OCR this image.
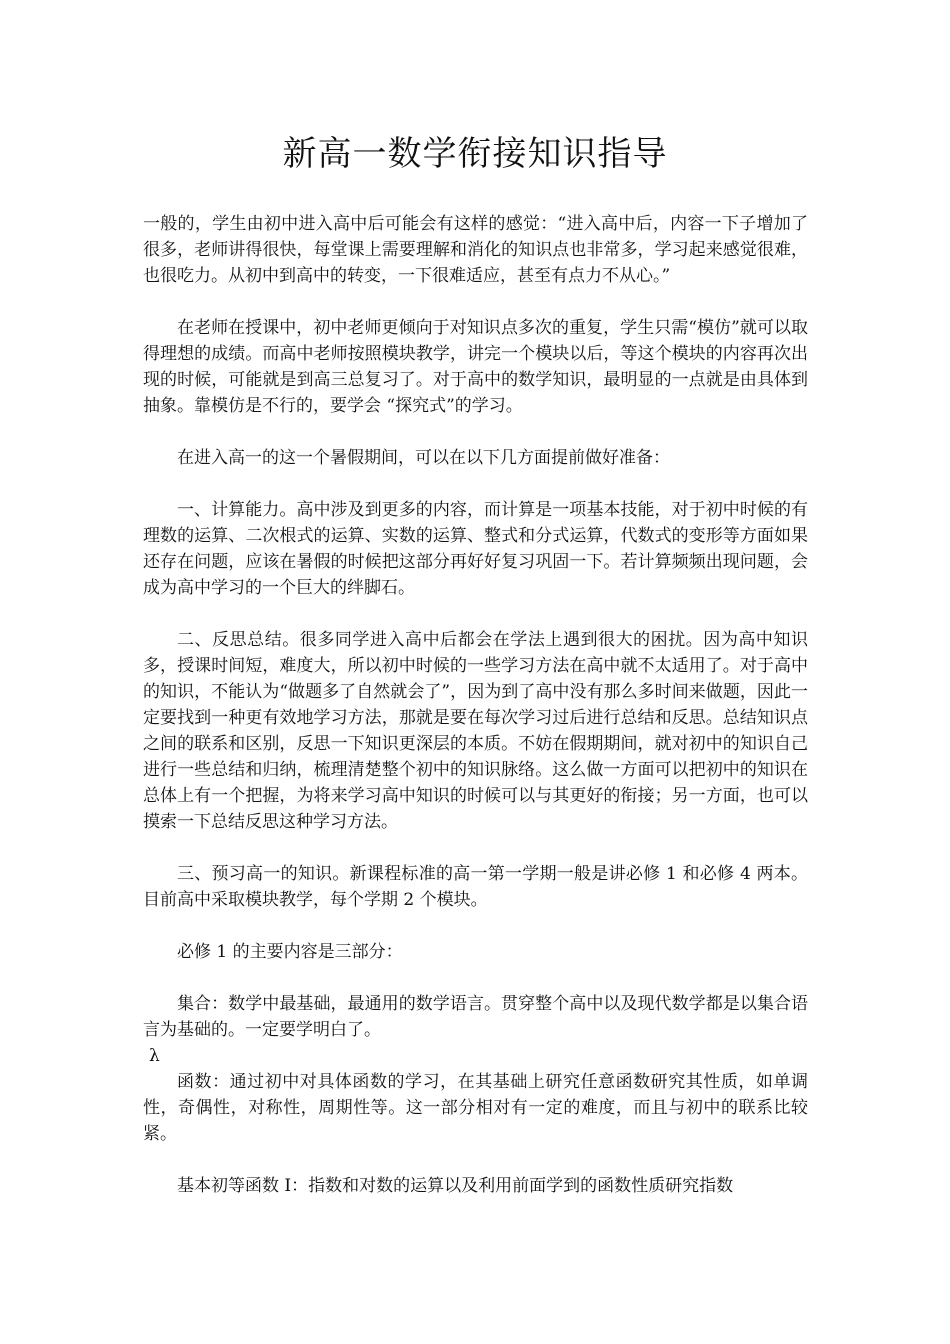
新高一数学衔接知识指导

一般的，学生由初中进入高中后可能会有这样的感觉：“进入高中后，内容一下子增加了很多，老师讲得很快，每堂课上需要理解和消化的知识点也非常多，学习起来感觉很难，也很吃力。从初中到高中的转变，一下很难适应，甚至有点力不从心。”

在老师在授课中，初中老师更倾向于对知识点多次的重复，学生只需“模仿”就可以取得理想的成绩。而高中老师按照模块教学，讲完一个模块以后，等这个模块的内容再次出现的时候，可能就是到高三总复习了。对于高中的数学知识，最明显的一点就是由具体到抽象。靠模仿是不行的，要学会 “探究式”的学习。

在进入高一的这一个暑假期间，可以在以下几方面提前做好准备：

一、计算能力。高中涉及到更多的内容，而计算是一项基本技能，对于初中时候的有理数的运算、二次根式的运算、实数的运算、整式和分式运算，代数式的变形等方面如果还存在问题，应该在暑假的时候把这部分再好好复习巩固一下。若计算频频出现问题，会成为高中学习的一个巨大的绊脚石。

二、反思总结。很多同学进入高中后都会在学法上遇到很大的困扰。因为高中知识多，授课时间短，难度大，所以初中时候的一些学习方法在高中就不太适用了。对于高中的知识，不能认为“做题多了自然就会了”，因为到了高中没有那么多时间来做题，因此一定要找到一种更有效地学习方法，那就是要在每次学习过后进行总结和反思。总结知识点之间的联系和区别，反思一下知识更深层的本质。不妨在假期期间，就对初中的知识自己进行一些总结和归纳，梳理清楚整个初中的知识脉络。这么做一方面可以把初中的知识在总体上有一个把握，为将来学习高中知识的时候可以与其更好的衔接；另一方面，也可以摸索一下总结反思这种学习方法。

三、预习高一的知识。新课程标准的高一第一学期一般是讲必修 1 和必修 4 两本。目前高中采取模块教学，每个学期 2 个模块。

必修 1 的主要内容是三部分：

集合：数学中最基础，最通用的数学语言。贯穿整个高中以及现代数学都是以集合语言为基础的。一定要学明白了。

λ

函数：通过初中对具体函数的学习，在其基础上研究任意函数研究其性质，如单调性，奇偶性，对称性，周期性等。这一部分相对有一定的难度，而且与初中的联系比较紧。

基本初等函数 I：指数和对数的运算以及利用前面学到的函数性质研究指数
